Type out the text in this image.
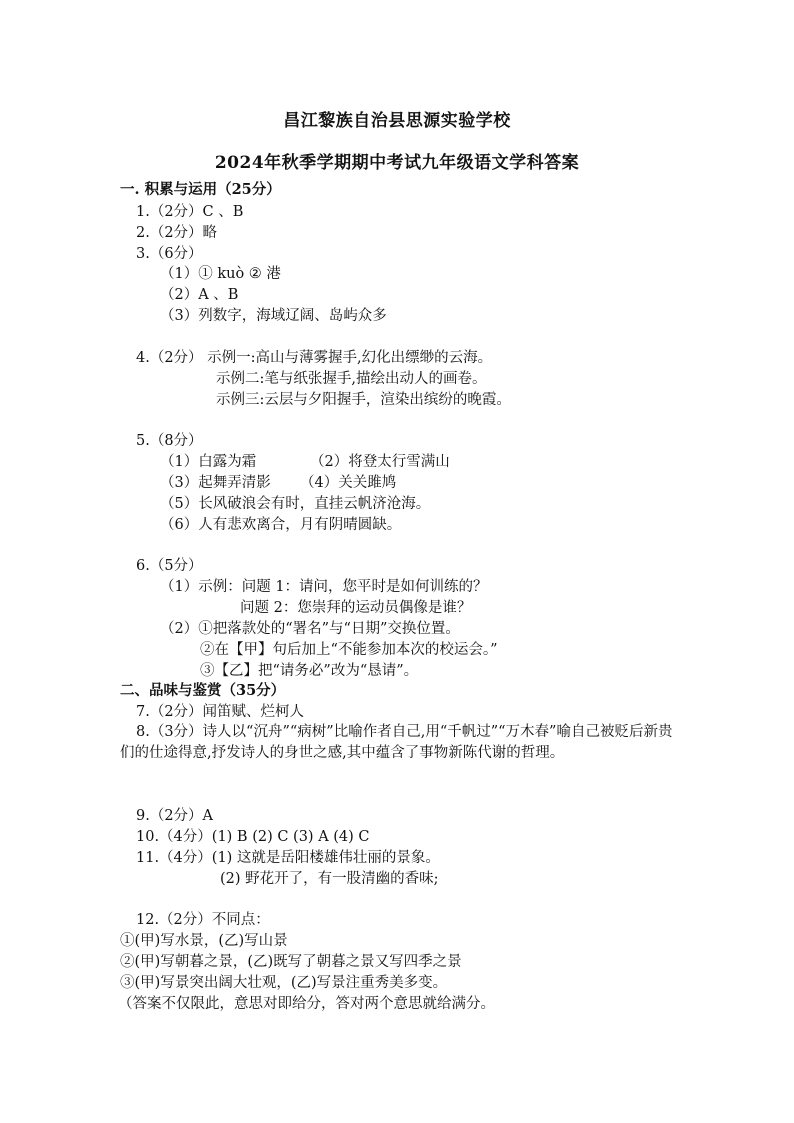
昌江黎族自治县思源实验学校
2024年秋季学期期中考试九年级语文学科答案
一. 积累与运用（25分）
1.（2分）C 、B
2.（2分）略
3.（6分）
（1）① kuò ② 港
（2）A 、B
（3）列数字，海域辽阔、岛屿众多
4.（2分） 示例一:高山与薄雾握手,幻化出缥缈的云海。
示例二:笔与纸张握手,描绘出动人的画卷。
示例三:云层与夕阳握手，渲染出缤纷的晚霞。
5.（8分）
（1）白露为霜	（2）将登太行雪满山
（3）起舞弄清影 （4）关关雎鸠
（5）长风破浪会有时，直挂云帆济沧海。
（6）人有悲欢离合，月有阴晴圆缺。
6.（5分）
（1）示例：问题 1：请问，您平时是如何训练的？
问题 2：您崇拜的运动员偶像是谁？
（2）①把落款处的“署名”与“日期”交换位置。
②在【甲】句后加上“不能参加本次的校运会。”
③【乙】把“请务必”改为“恳请”。
二、品味与鉴赏（35分）
7.（2分）闻笛赋、烂柯人
8.（3分）诗人以“沉舟”“病树”比喻作者自己,用“千帆过”“万木春”喻自己被贬后新贵们的仕途得意,抒发诗人的身世之感,其中蕴含了事物新陈代谢的哲理。
9.（2分）A
10.（4分）(1) B (2) C (3) A (4) C
11.（4分）(1) 这就是岳阳楼雄伟壮丽的景象。
(2) 野花开了，有一股清幽的香味;
12.（2分）不同点：
①(甲)写水景，(乙)写山景
②(甲)写朝暮之景，(乙)既写了朝暮之景又写四季之景
③(甲)写景突出阔大壮观，(乙)写景注重秀美多变。
（答案不仅限此，意思对即给分，答对两个意思就给满分。
